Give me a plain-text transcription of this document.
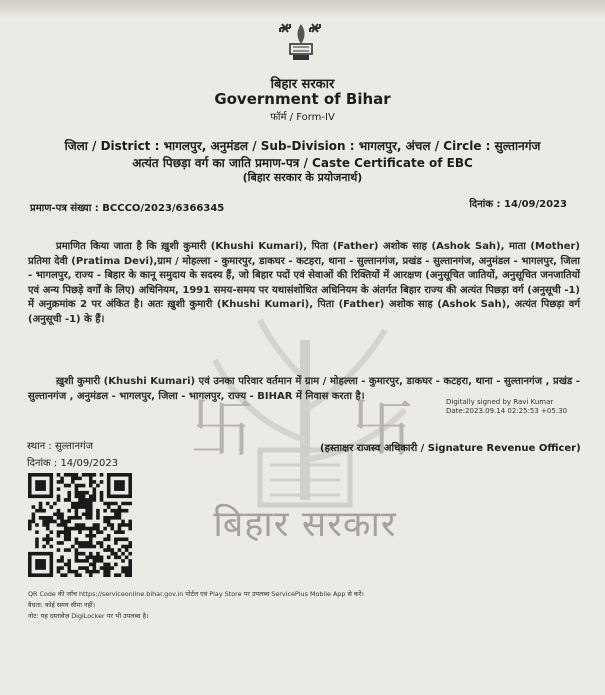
卐 卐
बिहार सरकार
बिहार सरकार
Government of Bihar
फॉर्म / Form-IV
जिला / District : भागलपुर, अनुमंडल / Sub-Division : भागलपुर, अंचल / Circle : सुल्तानगंज
अत्यंत पिछड़ा वर्ग का जाति प्रमाण-पत्र / Caste Certificate of EBC
(बिहार सरकार के प्रयोजनार्थ)
प्रमाण-पत्र संख्या : BCCCO/2023/6366345	दिनांक : 14/09/2023
प्रमाणित किया जाता है कि ख़ुशी कुमारी (Khushi Kumari), पिता (Father) अशोक साह (Ashok Sah), माता (Mother) प्रतिमा देवी (Pratima Devi),ग्राम / मोहल्ला - कुमारपुर, डाकघर - कटहरा, थाना - सुल्तानगंज, प्रखंड - सुल्तानगंज, अनुमंडल - भागलपुर, जिला - भागलपुर, राज्य - बिहार के कानू समुदाय के सदस्य हैं, जो बिहार पदों एवं सेवाओं की रिक्तियों में आरक्षण (अनुसूचित जातियों, अनुसूचित जनजातियों एवं अन्य पिछड़े वर्गों के लिए) अधिनियम, 1991 समय-समय पर यथासंशोधित अधिनियम के अंतर्गत बिहार राज्य की अत्यंत पिछड़ा वर्ग (अनुसूची -1) में अनुक्रमांक 2 पर अंकित है। अतः ख़ुशी कुमारी (Khushi Kumari), पिता (Father) अशोक साह (Ashok Sah), अत्यंत पिछड़ा वर्ग (अनुसूची -1) के हैं।
ख़ुशी कुमारी (Khushi Kumari) एवं उनका परिवार वर्तमान में ग्राम / मोहल्ला - कुमारपुर, डाकघर - कटहरा, थाना - सुल्तानगंज , प्रखंड - सुल्तानगंज , अनुमंडल - भागलपुर, जिला - भागलपुर, राज्य - BIHAR में निवास करता है।
Digitally signed by Ravi Kumar
Date:2023.09.14 02:25:53 +05:30
स्थान : सुल्तानगंज
दिनांक : 14/09/2023
(हस्ताक्षर राजस्व अधिकारी / Signature Revenue Officer)
QR Code की जाँच https://serviceonline.bihar.gov.in पोर्टल एवं Play Store पर उपलब्ध ServicePlus Mobile App से करें।
वैधता: कोई समय सीमा नहीं।
नोट: यह दस्तावेज़ DigiLocker पर भी उपलब्ध है।
